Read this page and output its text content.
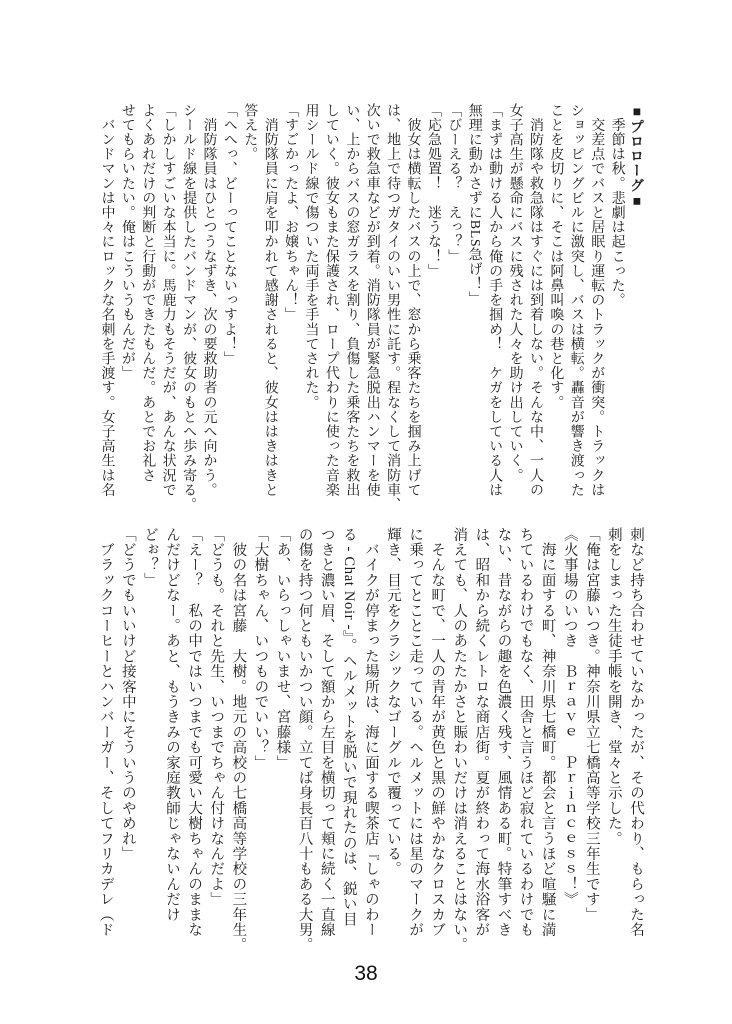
■プロローグ■
　季節は秋。悲劇は起こった。
　交差点でバスと居眠り運転のトラックが衝突。トラックは
ショッピングビルに激突し、バスは横転。轟音が響き渡った
ことを皮切りに、そこは阿鼻叫喚の巷と化す。
　消防隊や救急隊はすぐには到着しない。そんな中、一人の
女子高生が懸命にバスに残された人々を助け出していく。
「まずは動ける人から俺の手を掴め！　ケガをしている人は
無理に動かさずにBLS急げ！」
「びーえる？　えっ？」
「応急処置！　迷うな！」
　彼女は横転したバスの上で、窓から乗客たちを掴み上げて
は、地上で待つガタイのいい男性に託す。程なくして消防車、
次いで救急車などが到着。消防隊員が緊急脱出ハンマーを使
い、上からバスの窓ガラスを割り、負傷した乗客たちを救出
していく。彼女もまた保護され、ロープ代わりに使った音楽
用シールド線で傷ついた両手を手当てされた。
「すごかったよ、お嬢ちゃん！」
　消防隊員に肩を叩かれて感謝されると、彼女ははきはきと
答えた。
「へへっ、どーってことないっすよ！」
　消防隊員はひとつうなずき、次の要救助者の元へ向かう。
シールド線を提供したバンドマンが、彼女のもとへ歩み寄る。
「しかしすごいな本当に。馬鹿力もそうだが、あんな状況で
よくあれだけの判断と行動ができたもんだ。あとでお礼さ
せてもらいたい。俺はこういうもんだが」
　バンドマンは中々にロックな名刺を手渡す。女子高生は名
刺など持ち合わせていなかったが、その代わり、もらった名
刺をしまった生徒手帳を開き、堂々と示した。
「俺は宮藤いつき。神奈川県立七橋高等学校三年生です」
《火事場のいつき　Ｂｒａｖｅ　Ｐｒｉｎｃｅｓｓ！》
　海に面する町、神奈川県七橋町。都会と言うほど喧騒に満
ちているわけでもなく、田舎と言うほど寂れているわけでも
ない、昔ながらの趣を色濃く残す、風情ある町。特筆すべき
は、昭和から続くレトロな商店街。夏が終わって海水浴客が
消えても、人のあたたかさと賑わいだけは消えることはない。
　そんな町で、一人の青年が黄色と黒の鮮やかなクロスカブ
に乗ってとことこ走っている。ヘルメットには星のマークが
輝き、目元をクラシックなゴーグルで覆っている。
　バイクが停まった場所は、海に面する喫茶店『しゃのわー
る - Chat Noir -』。ヘルメットを脱いで現れたのは、鋭い目
つきと濃い眉、そして額から左目を横切って頬に続く一直線
の傷を持つ何ともいかつい顔。立てば身長百八十もある大男。
「あ、いらっしゃいませ、宮藤様」
「大樹ちゃん、いつものでいい？」
　彼の名は宮藤　大樹。地元の高校の七橋高等学校の三年生。
「どうも。それと先生、いつまでちゃん付けなんだよ」
「えー？　私の中ではいつまでも可愛い大樹ちゃんのままな
んだけどなー。あと、もうきみの家庭教師じゃないんだけ
どぉ？」
「どうでもいいけど接客中にそういうのやめれ」
　ブラックコーヒーとハンバーガー、そしてフリカデレ（ド
38
